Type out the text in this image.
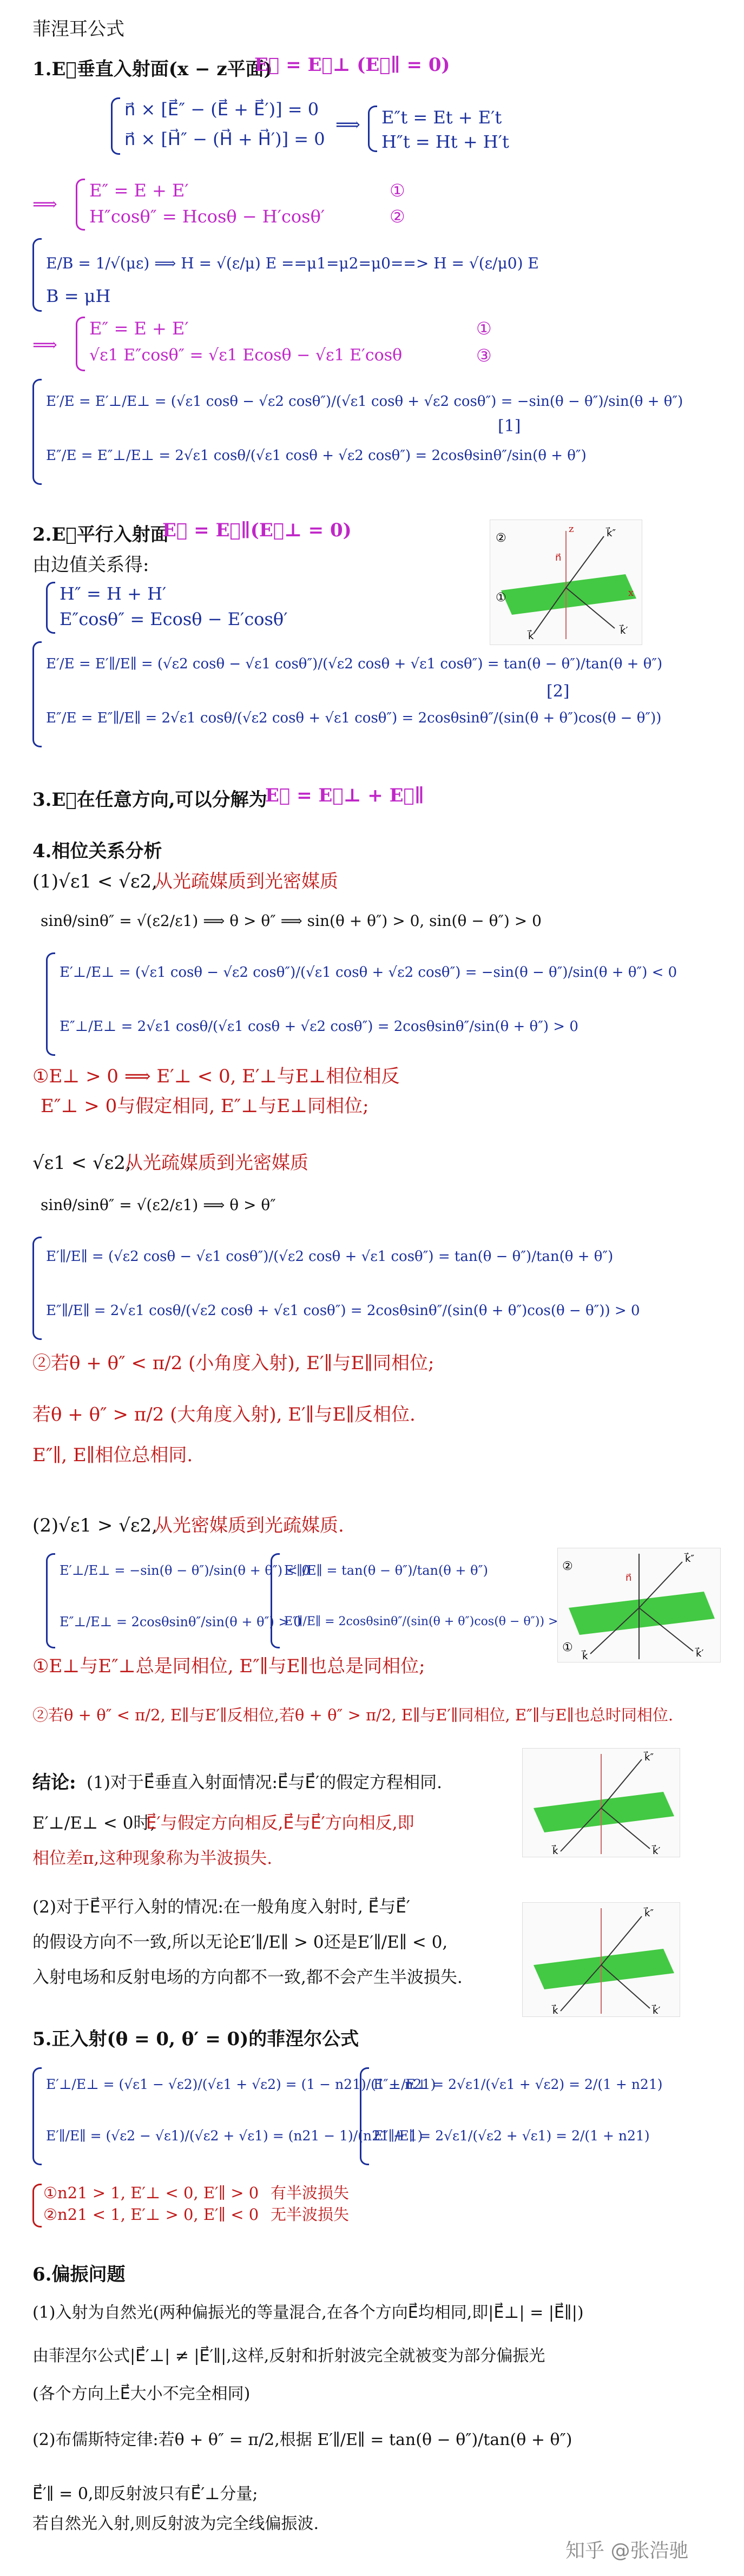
菲涅耳公式
1.E⃗垂直入射面(x − z平面)
E⃗ = E⃗⊥ (E⃗∥ = 0)
n⃗ × [E⃗″ − (E⃗ + E⃗′)] = 0
n⃗ × [H⃗″ − (H⃗ + H⃗′)] = 0
⟹ E″t = Et + E′t
H″t = Ht + H′t
⟹
E″ = E + E′
H″cosθ″ = Hcosθ − H′cosθ′
①
②
E/B = 1/√(με) ⟹ H = √(ε/μ) E ==μ1=μ2=μ0==> H = √(ε/μ0) E
B = μH
⟹
E″ = E + E′
√ε1 E″cosθ″ = √ε1 Ecosθ − √ε1 E′cosθ
①
③
E′/E = E′⊥/E⊥ = (√ε1 cosθ − √ε2 cosθ″)/(√ε1 cosθ + √ε2 cosθ″) = −sin(θ − θ″)/sin(θ + θ″)
E″/E = E″⊥/E⊥ = 2√ε1 cosθ/(√ε1 cosθ + √ε2 cosθ″) = 2cosθsinθ″/sin(θ + θ″)
[1]
2.E⃗平行入射面
E⃗ = E⃗∥(E⃗⊥ = 0)
由边值关系得:
H″ = H + H′
E″cosθ″ = Ecosθ − E′cosθ′
E′/E = E′∥/E∥ = (√ε2 cosθ − √ε1 cosθ″)/(√ε2 cosθ + √ε1 cosθ″) = tan(θ − θ″)/tan(θ + θ″)
E″/E = E″∥/E∥ = 2√ε1 cosθ/(√ε2 cosθ + √ε1 cosθ″) = 2cosθsinθ″/(sin(θ + θ″)cos(θ − θ″))
[2]
②
①
n⃗
k⃗″
k⃗	k⃗′
x
z
3.E⃗在任意方向,可以分解为
E⃗ = E⃗⊥ + E⃗∥
4.相位关系分析
(1)√ε1 < √ε2,
从光疏媒质到光密媒质
sinθ/sinθ″ = √(ε2/ε1) ⟹ θ > θ″ ⟹ sin(θ + θ″) > 0, sin(θ − θ″) > 0
E′⊥/E⊥ = (√ε1 cosθ − √ε2 cosθ″)/(√ε1 cosθ + √ε2 cosθ″) = −sin(θ − θ″)/sin(θ + θ″) < 0
E″⊥/E⊥ = 2√ε1 cosθ/(√ε1 cosθ + √ε2 cosθ″) = 2cosθsinθ″/sin(θ + θ″) > 0
①E⊥ > 0 ⟹ E′⊥ < 0, E′⊥与E⊥相位相反
E″⊥ > 0与假定相同, E″⊥与E⊥同相位;
√ε1 < √ε2,
从光疏媒质到光密媒质
sinθ/sinθ″ = √(ε2/ε1) ⟹ θ > θ″
E′∥/E∥ = (√ε2 cosθ − √ε1 cosθ″)/(√ε2 cosθ + √ε1 cosθ″) = tan(θ − θ″)/tan(θ + θ″)
E″∥/E∥ = 2√ε1 cosθ/(√ε2 cosθ + √ε1 cosθ″) = 2cosθsinθ″/(sin(θ + θ″)cos(θ − θ″)) > 0
②若θ + θ″ < π/2 (小角度入射), E′∥与E∥同相位;
若θ + θ″ > π/2 (大角度入射), E′∥与E∥反相位.
E″∥, E∥相位总相同.
(2)√ε1 > √ε2,
从光密媒质到光疏媒质.
E′⊥/E⊥ = −sin(θ − θ″)/sin(θ + θ″) < 0
E″⊥/E⊥ = 2cosθsinθ″/sin(θ + θ″) > 0
E′∥/E∥ = tan(θ − θ″)/tan(θ + θ″)
E″∥/E∥ = 2cosθsinθ″/(sin(θ + θ″)cos(θ − θ″)) > 0
②
①
n⃗
k⃗″
k⃗	k⃗′
①E⊥与E″⊥总是同相位, E″∥与E∥也总是同相位;
②若θ + θ″ < π/2, E∥与E′∥反相位,若θ + θ″ > π/2, E∥与E′∥同相位, E″∥与E∥也总时同相位.
结论: (1)对于E⃗垂直入射面情况:E⃗与E⃗′的假定方程相同.
E′⊥/E⊥ < 0时,
E⃗′与假定方向相反,E⃗与E⃗′方向相反,即
相位差π,这种现象称为半波损失.
(2)对于E⃗平行入射的情况:在一般角度入射时, E⃗与E⃗′
的假设方向不一致,所以无论E′∥/E∥ > 0还是E′∥/E∥ < 0,
入射电场和反射电场的方向都不一致,都不会产生半波损失.
k⃗″
k⃗	k⃗′
k⃗″
k⃗	k⃗′
5.正入射(θ = 0, θ′ = 0)的菲涅尔公式
E′⊥/E⊥ = (√ε1 − √ε2)/(√ε1 + √ε2) = (1 − n21)/(1 + n21)
E′∥/E∥ = (√ε2 − √ε1)/(√ε2 + √ε1) = (n21 − 1)/(n21 + 1)
E″⊥/E⊥ = 2√ε1/(√ε1 + √ε2) = 2/(1 + n21)
E″∥/E∥ = 2√ε1/(√ε2 + √ε1) = 2/(1 + n21)
①n21 > 1, E′⊥ < 0, E′∥ > 0 有半波损失
②n21 < 1, E′⊥ > 0, E′∥ < 0 无半波损失
6.偏振问题
(1)入射为自然光(两种偏振光的等量混合,在各个方向E⃗均相同,即|E⃗⊥| = |E⃗∥|)
由菲涅尔公式|E⃗′⊥| ≠ |E⃗′∥|,这样,反射和折射波完全就被变为部分偏振光
(各个方向上E⃗大小不完全相同)
(2)布儒斯特定律:若θ + θ″ = π/2,根据 E′∥/E∥ = tan(θ − θ″)/tan(θ + θ″)
E⃗′∥ = 0,即反射波只有E⃗′⊥分量;
若自然光入射,则反射波为完全线偏振波.
知乎 @张浩驰
